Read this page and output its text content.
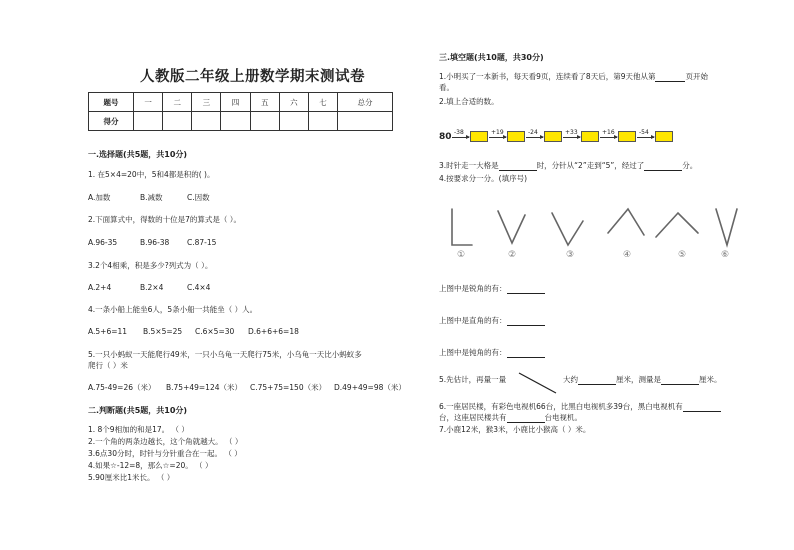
人教版二年级上册数学期末测试卷
题号	一	二	三	四	五	六	七	总分
得分								
一.选择题(共5题，共10分)
1. 在5×4=20中，5和4都是积的( )。
A.加数	B.减数	C.因数
2.下面算式中，得数的十位是7的算式是（ ）。
A.96-35	B.96-38 C.87-15
3.2个4相乘，积是多少?列式为（ ）。
A.2+4	B.2×4	C.4×4
4.一条小船上能坐6人，5条小船一共能坐（ ）人。
A.5+6=11 B.5×5=25 C.6×5=30 D.6+6+6=18
5.一只小蚂蚁一天能爬行49米，一只小乌龟一天爬行75米，小乌龟一天比小蚂蚁多
爬行（ ）米
A.75-49=26（米） B.75+49=124（米） C.75+75=150（米） D.49+49=98（米）
二.判断题(共5题，共10分)
1. 8个9相加的和是17。 （ ）
2.一个角的两条边越长，这个角就越大。 （ ）
3.6点30分时，时针与分针重合在一起。 （ ）
4.如果☆-12=8，那么☆=20。 （ ）
5.90厘米比1米长。 （ ）
三.填空题(共10题，共30分)
1.小明买了一本新书，每天看9页，连续看了8天后，第9天他从第	页开始
看。
2.填上合适的数。
80 -38	+19	-24	+33	+16	-54
3.时针走一大格是	时，分针从“2”走到“5”，经过了	分。
4.按要求分一分。(填序号)
①	②	③	④	⑤	⑥
上图中是锐角的有：
上图中是直角的有：
上图中是钝角的有：
5.先估计，再量一量	大约	厘米，测量是	厘米。
6.一座居民楼，有彩色电视机66台，比黑白电视机多39台，黑白电视机有
台，这座居民楼共有	台电视机。
7.小鹿12米，猴3米，小鹿比小猴高（ ）米。
